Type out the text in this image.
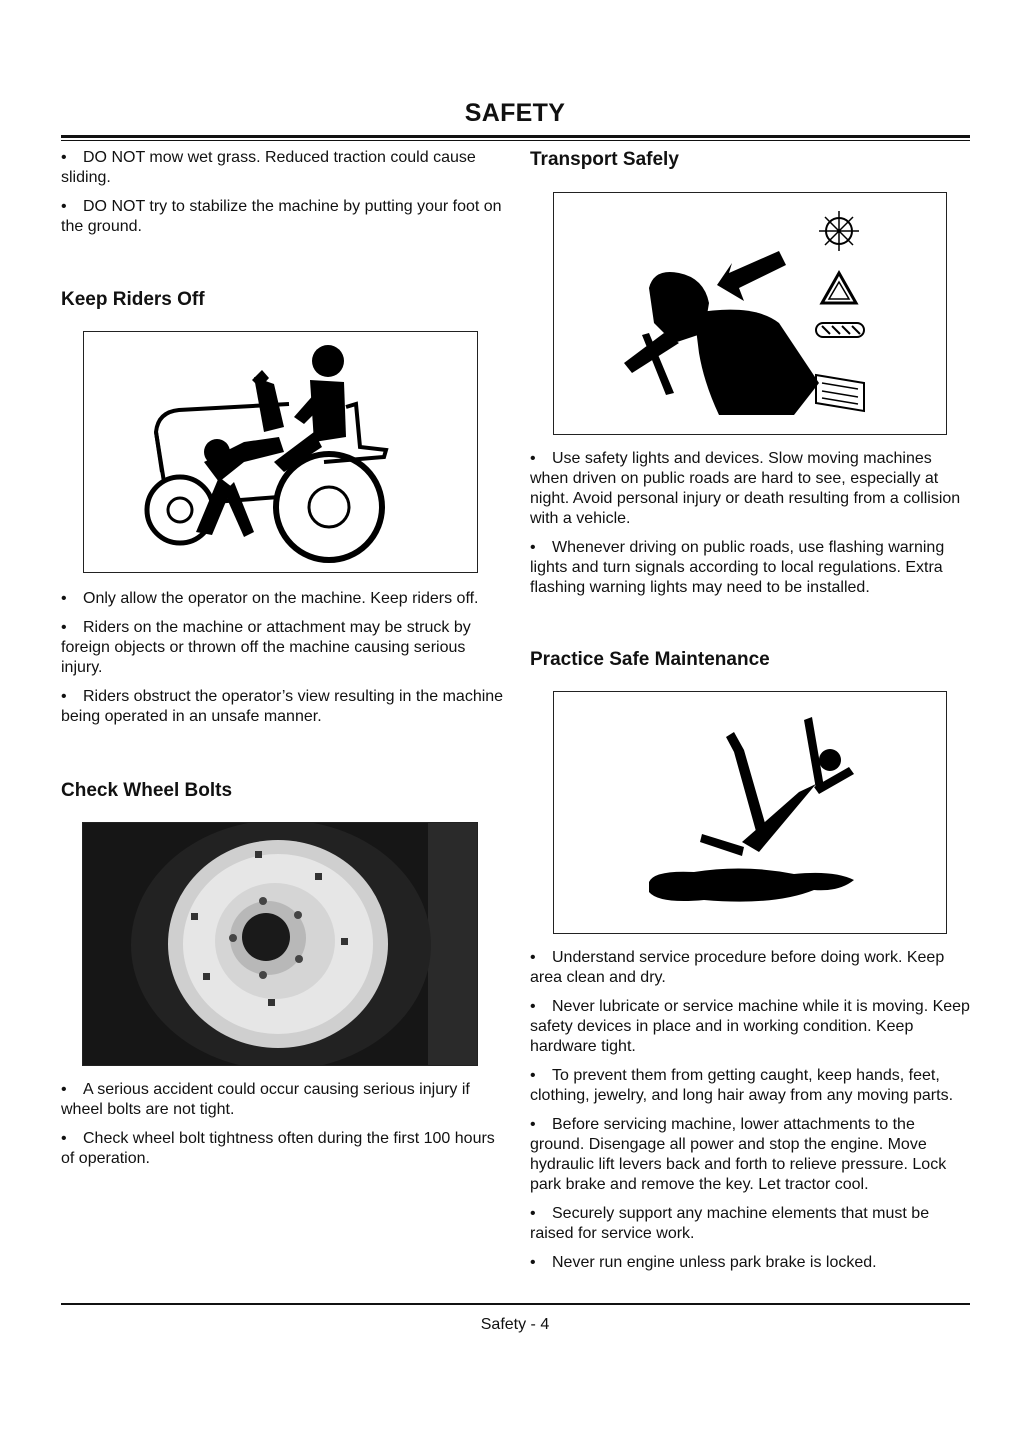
SAFETY

• DO NOT mow wet grass. Reduced traction could cause sliding.

• DO NOT try to stabilize the machine by putting your foot on the ground.

Keep Riders Off

• Only allow the operator on the machine. Keep riders off.

• Riders on the machine or attachment may be struck by foreign objects or thrown off the machine causing serious injury.

• Riders obstruct the operator’s view resulting in the machine being operated in an unsafe manner.

Check Wheel Bolts

• A serious accident could occur causing serious injury if wheel bolts are not tight.

• Check wheel bolt tightness often during the first 100 hours of operation.

Transport Safely

• Use safety lights and devices. Slow moving machines when driven on public roads are hard to see, especially at night. Avoid personal injury or death resulting from a collision with a vehicle.

• Whenever driving on public roads, use flashing warning lights and turn signals according to local regulations. Extra flashing warning lights may need to be installed.

Practice Safe Maintenance

• Understand service procedure before doing work. Keep area clean and dry.

• Never lubricate or service machine while it is moving. Keep safety devices in place and in working condition. Keep hardware tight.

• To prevent them from getting caught, keep hands, feet, clothing, jewelry, and long hair away from any moving parts.

• Before servicing machine, lower attachments to the ground. Disengage all power and stop the engine. Move hydraulic lift levers back and forth to relieve pressure. Lock park brake and remove the key. Let tractor cool.

• Securely support any machine elements that must be raised for service work.

• Never run engine unless park brake is locked.

Safety - 4
